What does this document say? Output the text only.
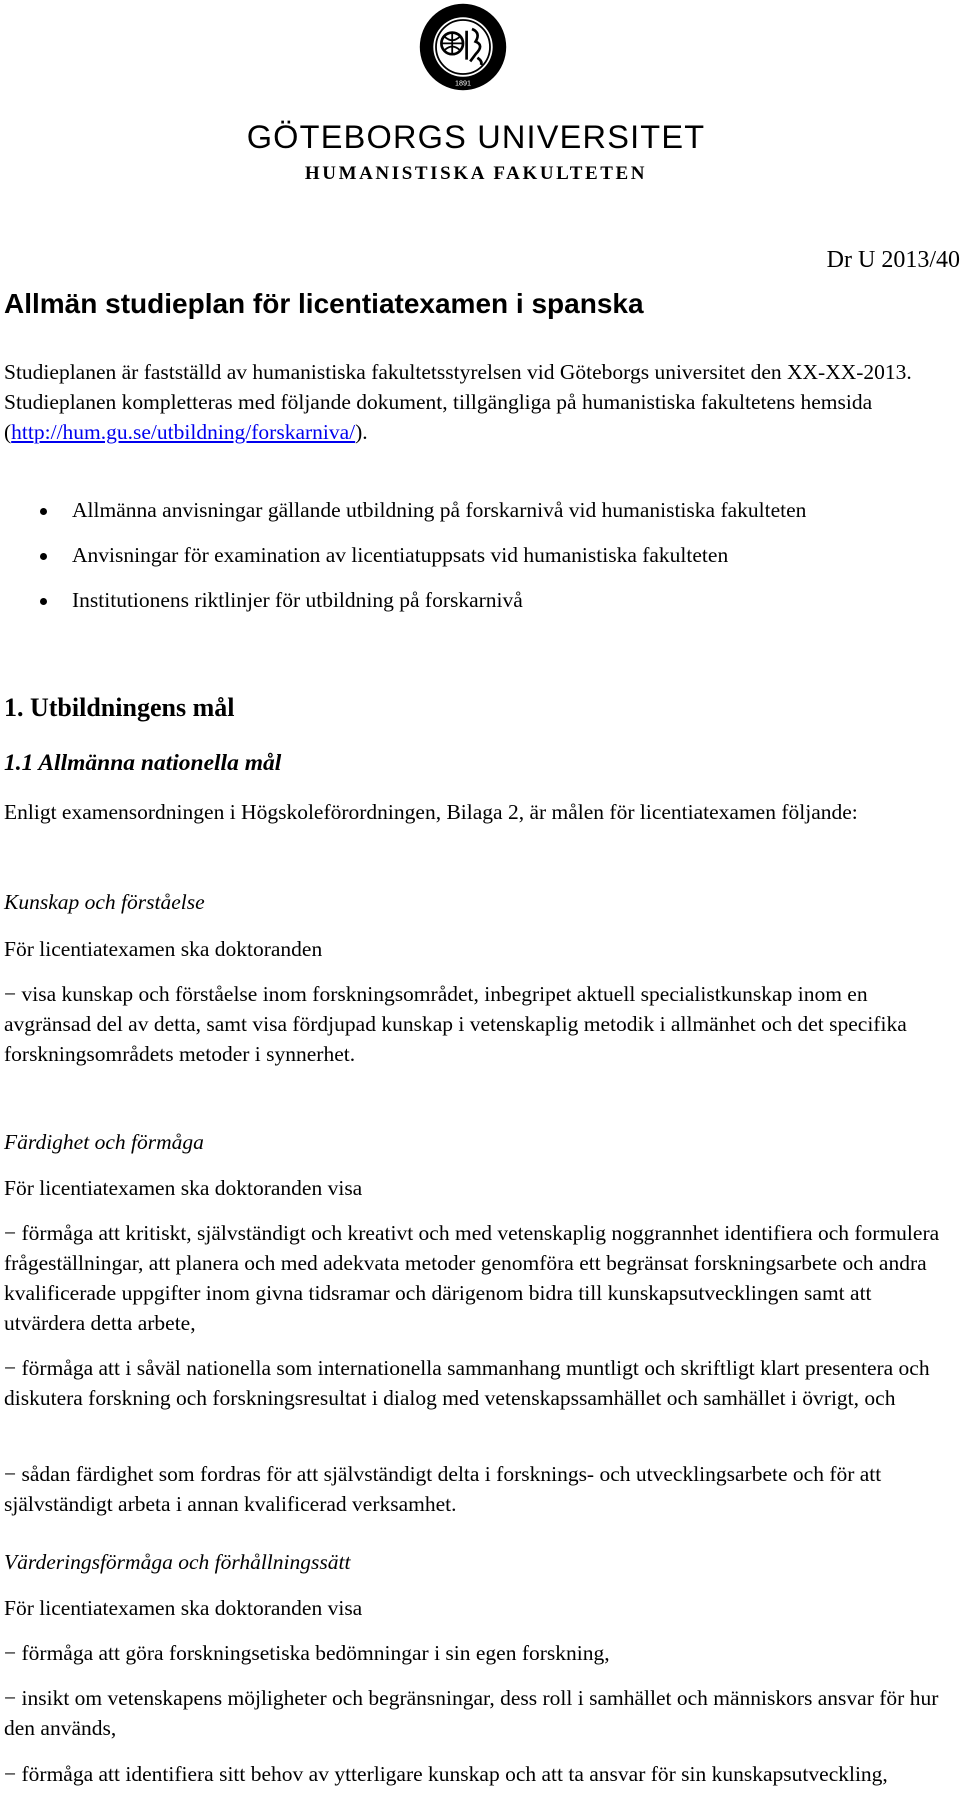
1891
GÖTEBORGS UNIVERSITET
HUMANISTISKA FAKULTETEN
Dr U 2013/40
Allmän studieplan för licentiatexamen i spanska

Studieplanen är fastställd av humanistiska fakultetsstyrelsen vid Göteborgs universitet den XX-XX-2013. Studieplanen kompletteras med följande dokument, tillgängliga på humanistiska fakultetens hemsida (http://hum.gu.se/utbildning/forskarniva/).

Allmänna anvisningar gällande utbildning på forskarnivå vid humanistiska fakulteten
Anvisningar för examination av licentiatuppsats vid humanistiska fakulteten
Institutionens riktlinjer för utbildning på forskarnivå
1. Utbildningens mål
1.1 Allmänna nationella mål

Enligt examensordningen i Högskoleförordningen, Bilaga 2, är målen för licentiatexamen följande:

Kunskap och förståelse

För licentiatexamen ska doktoranden

− visa kunskap och förståelse inom forskningsområdet, inbegripet aktuell specialistkunskap inom en avgränsad del av detta, samt visa fördjupad kunskap i vetenskaplig metodik i allmänhet och det specifika forskningsområdets metoder i synnerhet.

Färdighet och förmåga

För licentiatexamen ska doktoranden visa

− förmåga att kritiskt, självständigt och kreativt och med vetenskaplig noggrannhet identifiera och formulera frågeställningar, att planera och med adekvata metoder genomföra ett begränsat forskningsarbete och andra kvalificerade uppgifter inom givna tidsramar och därigenom bidra till kunskapsutvecklingen samt att utvärdera detta arbete,

− förmåga att i såväl nationella som internationella sammanhang muntligt och skriftligt klart presentera och diskutera forskning och forskningsresultat i dialog med vetenskapssamhället och samhället i övrigt, och

− sådan färdighet som fordras för att självständigt delta i forsknings- och utvecklingsarbete och för att självständigt arbeta i annan kvalificerad verksamhet.

Värderingsförmåga och förhållningssätt

För licentiatexamen ska doktoranden visa

− förmåga att göra forskningsetiska bedömningar i sin egen forskning,

− insikt om vetenskapens möjligheter och begränsningar, dess roll i samhället och människors ansvar för hur den används,

− förmåga att identifiera sitt behov av ytterligare kunskap och att ta ansvar för sin kunskapsutveckling,
